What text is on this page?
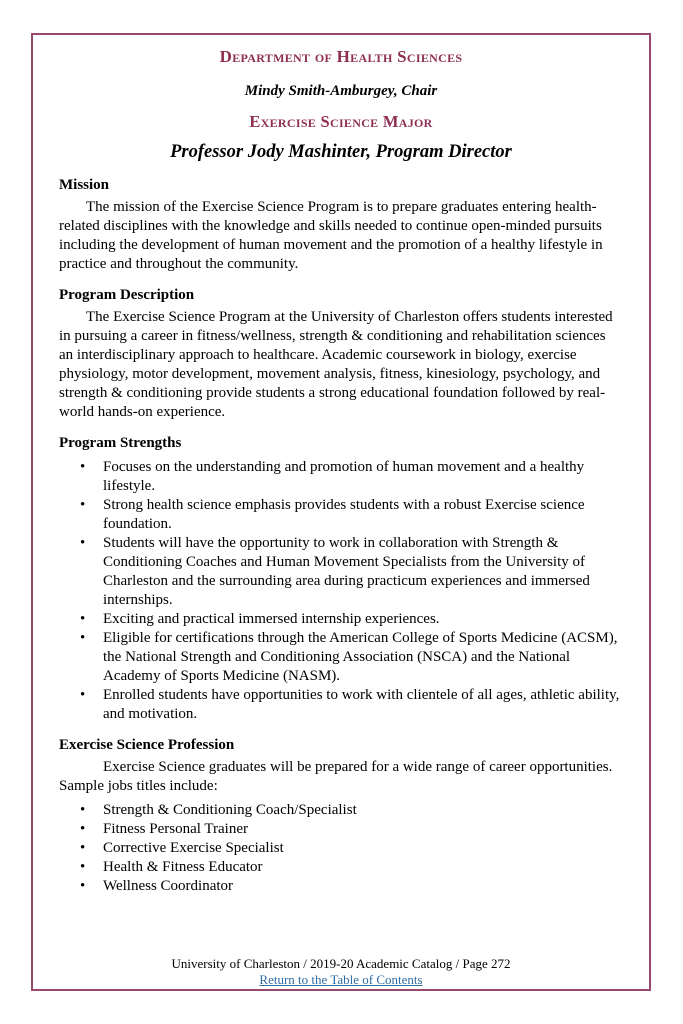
Department of Health Sciences
Mindy Smith-Amburgey, Chair
Exercise Science Major
Professor Jody Mashinter, Program Director
Mission

The mission of the Exercise Science Program is to prepare graduates entering health-related disciplines with the knowledge and skills needed to continue open-minded pursuits including the development of human movement and the promotion of a healthy lifestyle in practice and throughout the community.

Program Description

The Exercise Science Program at the University of Charleston offers students interested in pursuing a career in fitness/wellness, strength & conditioning and rehabilitation sciences an interdisciplinary approach to healthcare. Academic coursework in biology, exercise physiology, motor development, movement analysis, fitness, kinesiology, psychology, and strength & conditioning provide students a strong educational foundation followed by real-world hands-on experience.

Program Strengths
• Focuses on the understanding and promotion of human movement and a healthy lifestyle.
• Strong health science emphasis provides students with a robust Exercise science foundation.
• Students will have the opportunity to work in collaboration with Strength & Conditioning Coaches and Human Movement Specialists from the University of Charleston and the surrounding area during practicum experiences and immersed internships.
• Exciting and practical immersed internship experiences.
• Eligible for certifications through the American College of Sports Medicine (ACSM), the National Strength and Conditioning Association (NSCA) and the National Academy of Sports Medicine (NASM).
• Enrolled students have opportunities to work with clientele of all ages, athletic ability, and motivation.
Exercise Science Profession

Exercise Science graduates will be prepared for a wide range of career opportunities. Sample jobs titles include:

• Strength & Conditioning Coach/Specialist
• Fitness Personal Trainer
• Corrective Exercise Specialist
• Health & Fitness Educator
• Wellness Coordinator
University of Charleston / 2019-20 Academic Catalog / Page 272
Return to the Table of Contents
